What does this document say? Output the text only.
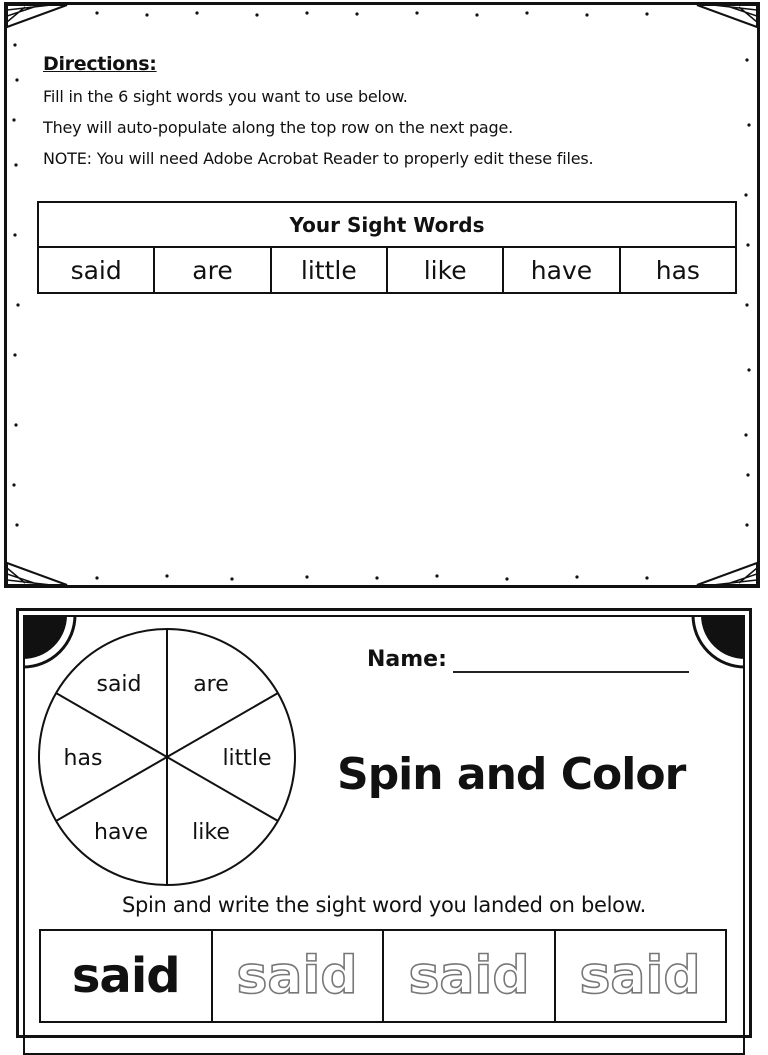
Directions:
Fill in the 6 sight words you want to use below.
They will auto-populate along the top row on the next page.
NOTE: You will need Adobe Acrobat Reader to properly edit these files.
Your Sight Words
said	are	little	like	have	has
said are
little
like
have
has
Name:
Spin and Color
Spin and write the sight word you landed on below.
said	said	said	said
